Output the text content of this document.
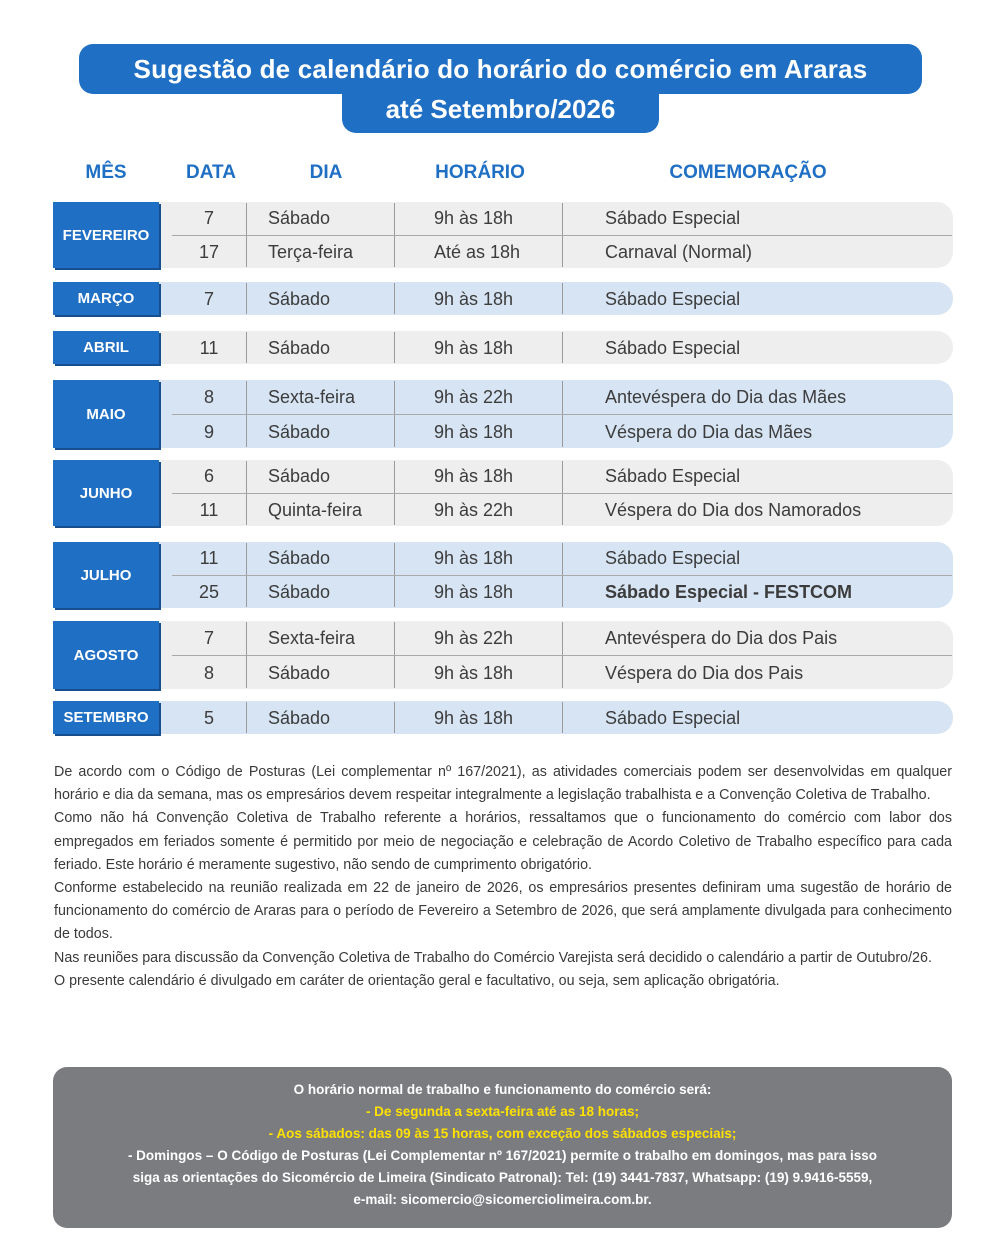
até Setembro/2026
Sugestão de calendário do horário do comércio em Araras
MÊS	DATA	DIA	HORÁRIO	COMEMORAÇÃO
FEVEREIRO
7	Sábado	9h às 18h	Sábado Especial
17	Terça-feira	Até as 18h	Carnaval (Normal)
MARÇO	7	Sábado	9h às 18h	Sábado Especial
ABRIL	11	Sábado	9h às 18h	Sábado Especial
MAIO
8	Sexta-feira	9h às 22h	Antevéspera do Dia das Mães
9	Sábado	9h às 18h	Véspera do Dia das Mães
JUNHO
6	Sábado	9h às 18h	Sábado Especial
11	Quinta-feira	9h às 22h	Véspera do Dia dos Namorados
JULHO
11	Sábado	9h às 18h	Sábado Especial
25	Sábado	9h às 18h	Sábado Especial - FESTCOM
AGOSTO
7	Sexta-feira	9h às 22h	Antevéspera do Dia dos Pais
8	Sábado	9h às 18h	Véspera do Dia dos Pais
SETEMBRO	5	Sábado	9h às 18h	Sábado Especial
De acordo com o Código de Posturas (Lei complementar nº 167/2021), as atividades comerciais podem ser desenvolvidas em qualquer horário e dia da semana, mas os empresários devem respeitar integralmente a legislação trabalhista e a Convenção Coletiva de Trabalho.
Como não há Convenção Coletiva de Trabalho referente a horários, ressaltamos que o funcionamento do comércio com labor dos empregados em feriados somente é permitido por meio de negociação e celebração de Acordo Coletivo de Trabalho específico para cada feriado. Este horário é meramente sugestivo, não sendo de cumprimento obrigatório.
Conforme estabelecido na reunião realizada em 22 de janeiro de 2026, os empresários presentes definiram uma sugestão de horário de funcionamento do comércio de Araras para o período de Fevereiro a Setembro de 2026, que será amplamente divulgada para conhecimento de todos.
Nas reuniões para discussão da Convenção Coletiva de Trabalho do Comércio Varejista será decidido o calendário a partir de Outubro/26.
O presente calendário é divulgado em caráter de orientação geral e facultativo, ou seja, sem aplicação obrigatória.
O horário normal de trabalho e funcionamento do comércio será:
- De segunda a sexta-feira até as 18 horas;
- Aos sábados: das 09 às 15 horas, com exceção dos sábados especiais;
- Domingos – O Código de Posturas (Lei Complementar nº 167/2021) permite o trabalho em domingos, mas para isso
siga as orientações do Sicomércio de Limeira (Sindicato Patronal): Tel: (19) 3441-7837, Whatsapp: (19) 9.9416-5559,
e-mail: sicomercio@sicomerciolimeira.com.br.
